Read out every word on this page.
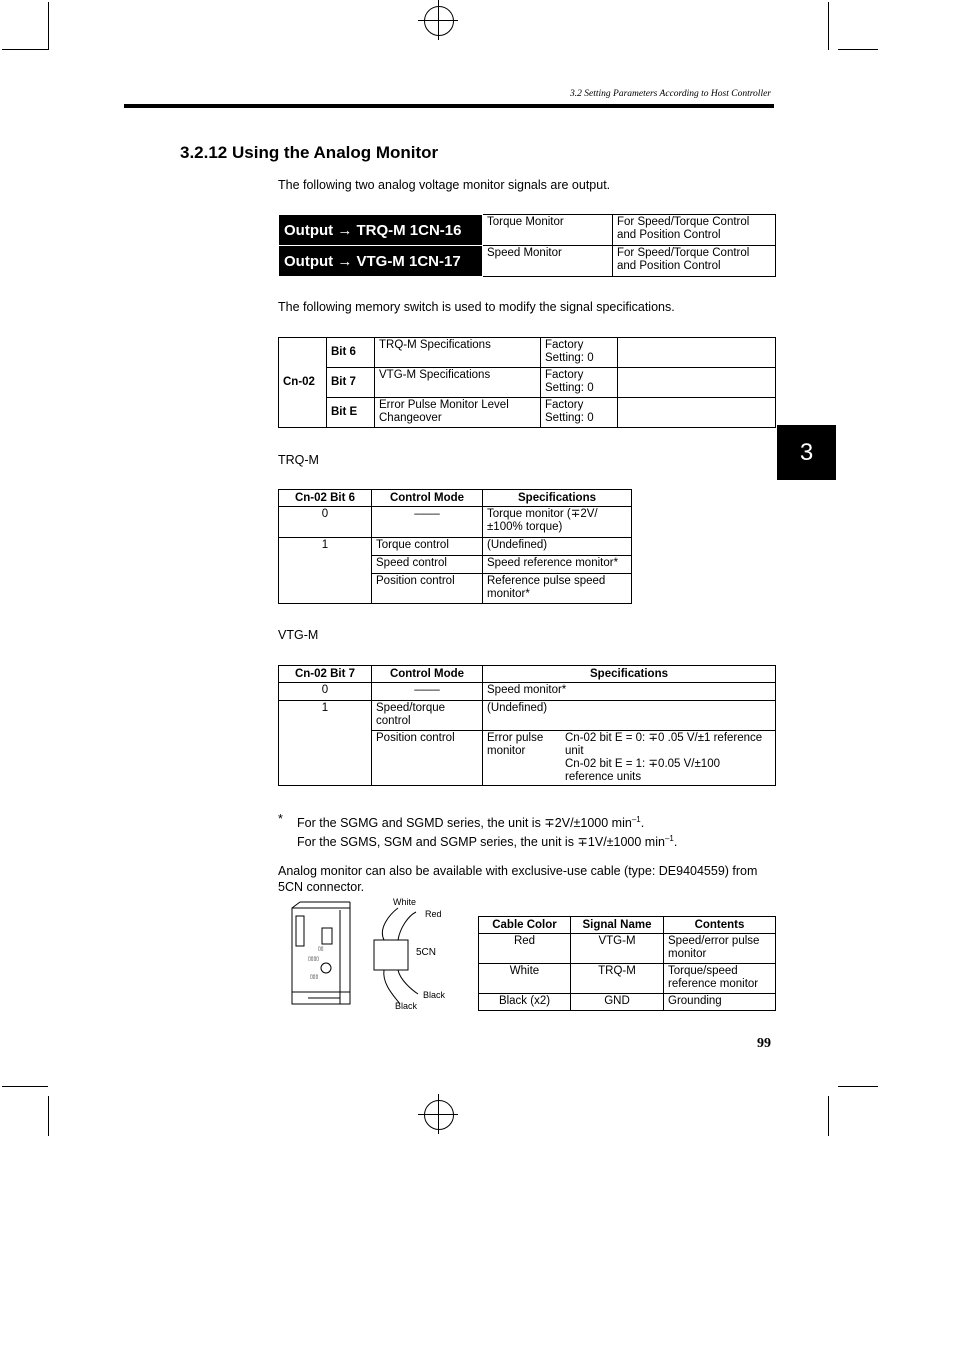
3.2 Setting Parameters According to Host Controller
3.2.12 Using the Analog Monitor
The following two analog voltage monitor signals are output.
Output → TRQ-M 1CN-16	Torque Monitor	For Speed/Torque Control and Position Control
Output → VTG-M 1CN-17	Speed Monitor	For Speed/Torque Control and Position Control
The following memory switch is used to modify the signal specifications.
Cn-02	Bit 6	TRQ-M Specifications	Factory Setting: 0	
	Bit 7	VTG-M Specifications	Factory Setting: 0	
	Bit E	Error Pulse Monitor Level Changeover	Factory Setting: 0	
TRQ-M
Cn-02 Bit 6	Control Mode	Specifications
0	––––	Torque monitor (∓2V/±100% torque)
1	Torque control	(Undefined)
	Speed control	Speed reference monitor*
	Position control	Reference pulse speed monitor*
VTG-M
Cn-02 Bit 7	Control Mode	Specifications	
0	––––	Speed monitor*	
1	Speed/torque control	(Undefined)	
	Position control	Error pulse monitor	Cn-02 bit E = 0: ∓0 .05 V/±1 reference unit
Cn-02 bit E = 1: ∓0.05 V/±100 reference units
* For the SGMG and SGMD series, the unit is ∓2V/±1000 $\min^{-1}$.
For the SGMS, SGM and SGMP series, the unit is ∓1V/±1000 $\min^{-1}$.
Analog monitor can also be available with exclusive-use cable (type: DE9404559) from 5CN connector.
▯▯
▯▯▯▯
▯▯▯
White
Red
5CN
Black
Black
Cable Color	Signal Name	Contents
Red	VTG-M	Speed/error pulse monitor
White	TRQ-M	Torque/speed reference monitor
Black (x2)	GND	Grounding
3
99
